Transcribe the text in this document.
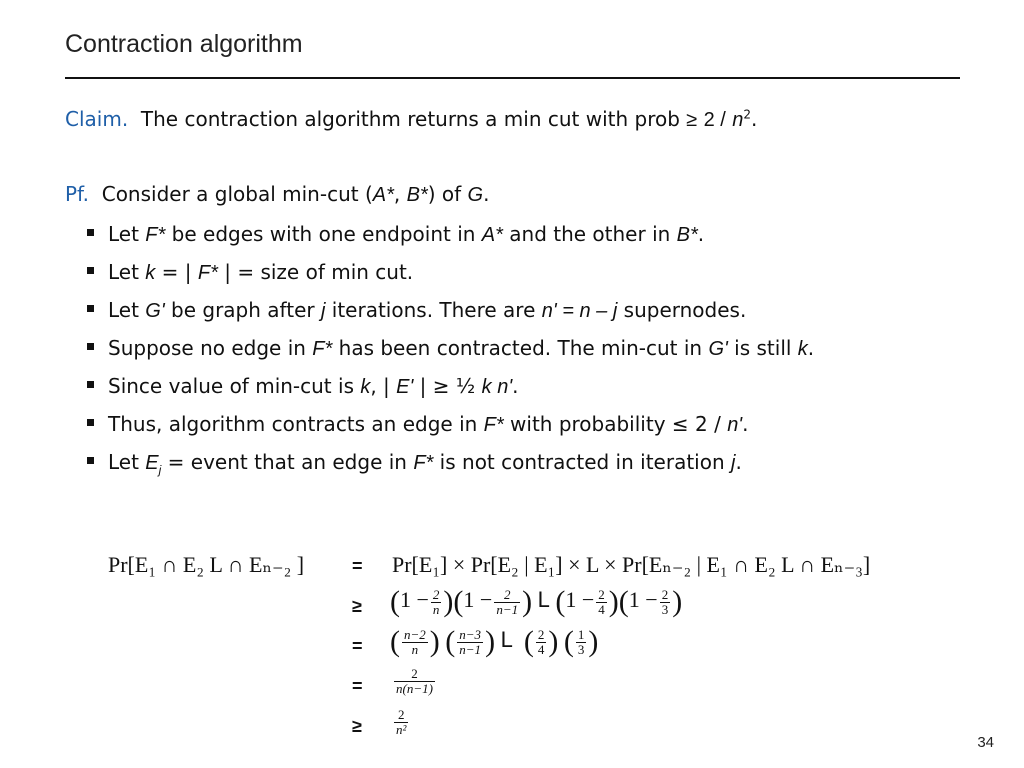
Contraction algorithm
Claim. The contraction algorithm returns a min cut with prob ≥ $2 / n^2$.
Pf. Consider a global min-cut (A*, B*) of G.
Let F* be edges with one endpoint in A* and the other in B*.
Let k = | F* | = size of min cut.
Let G' be graph after j iterations. There are n' = n – j supernodes.
Suppose no edge in F* has been contracted. The min-cut in G' is still k.
Since value of min-cut is k, | E' | ≥ ½ k n'.
Thus, algorithm contracts an edge in F* with probability ≤ 2 / n'.
Let $E_j$ = event that an edge in F* is not contracted in iteration j.
Pr[E₁ ∩ E₂ L ∩ Eₙ₋₂ ]	= Pr[E₁] × Pr[E₂ | E₁] × L × Pr[Eₙ₋₂ | E₁ ∩ E₂ L ∩ Eₙ₋₃]
≥ $(1 - \frac{2}{n} )(1 - \frac{2}{n-1}$ ) L $(1 - \frac{2}{4} )(1 - \frac{2}{3}$ )
= ( $\frac{n-2}{n}$ ) ( $\frac{n-3}{n-1}$ ) L ( $\frac{2}{4}$ ) ( $\frac{1}{3}$ )
= $\frac{2}{n(n-1)}$
≥ $\frac{2}{\text{n²}}$
34
